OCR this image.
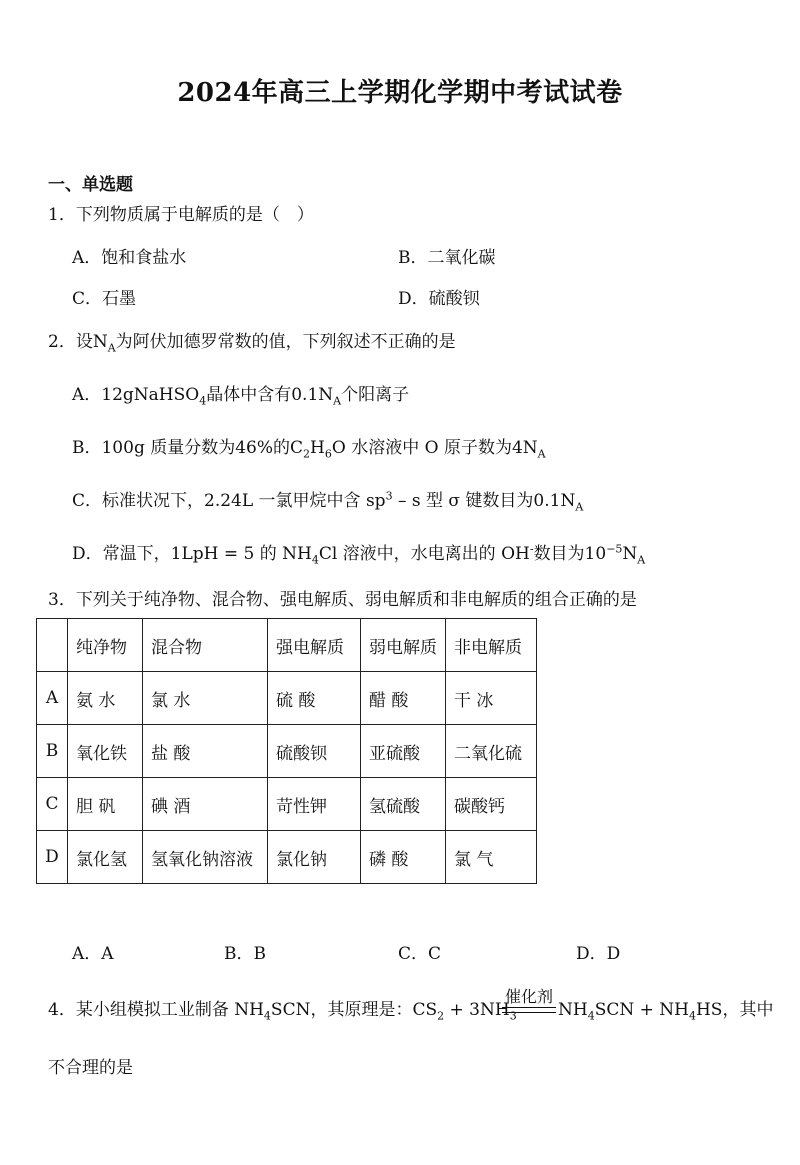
2024年高三上学期化学期中考试试卷
一、单选题
1．下列物质属于电解质的是（　）
A．饱和食盐水	B．二氧化碳
C．石墨	D．硫酸钡
2．设$N_A$为阿伏加德罗常数的值，下列叙述不正确的是
A．12gNaHSO$_4$晶体中含有$0.1N_A$个阳离子
B．100g 质量分数为46%的$C_2H_6O$ 水溶液中 O 原子数为$4N_A$
C．标准状况下，2.24L 一氯甲烷中含 $sp^3$ – s 型 σ 键数目为$0.1N_A$
D．常温下，1LpH = 5 的 $NH_4Cl$ 溶液中，水电离出的 OH-数目为$10^{-5}N_A$
3．下列关于纯净物、混合物、强电解质、弱电解质和非电解质的组合正确的是
	纯净物	混合物	强电解质	弱电解质	非电解质
A	氨 水	氯 水	硫 酸	醋 酸	干 冰
B	氧化铁	盐 酸	硫酸钡	亚硫酸	二氧化硫
C	胆 矾	碘 酒	苛性钾	氢硫酸	碳酸钙
D	氯化氢	氢氧化钠溶液	氯化钠	磷 酸	氯 气
A．A	B．B	C．C	D．D
4．某小组模拟工业制备 $NH_4SCN$，其原理是：$CS_2 + 3NH_3$
催化剂
$NH_4SCN + NH_4HS$，其中
不合理的是
